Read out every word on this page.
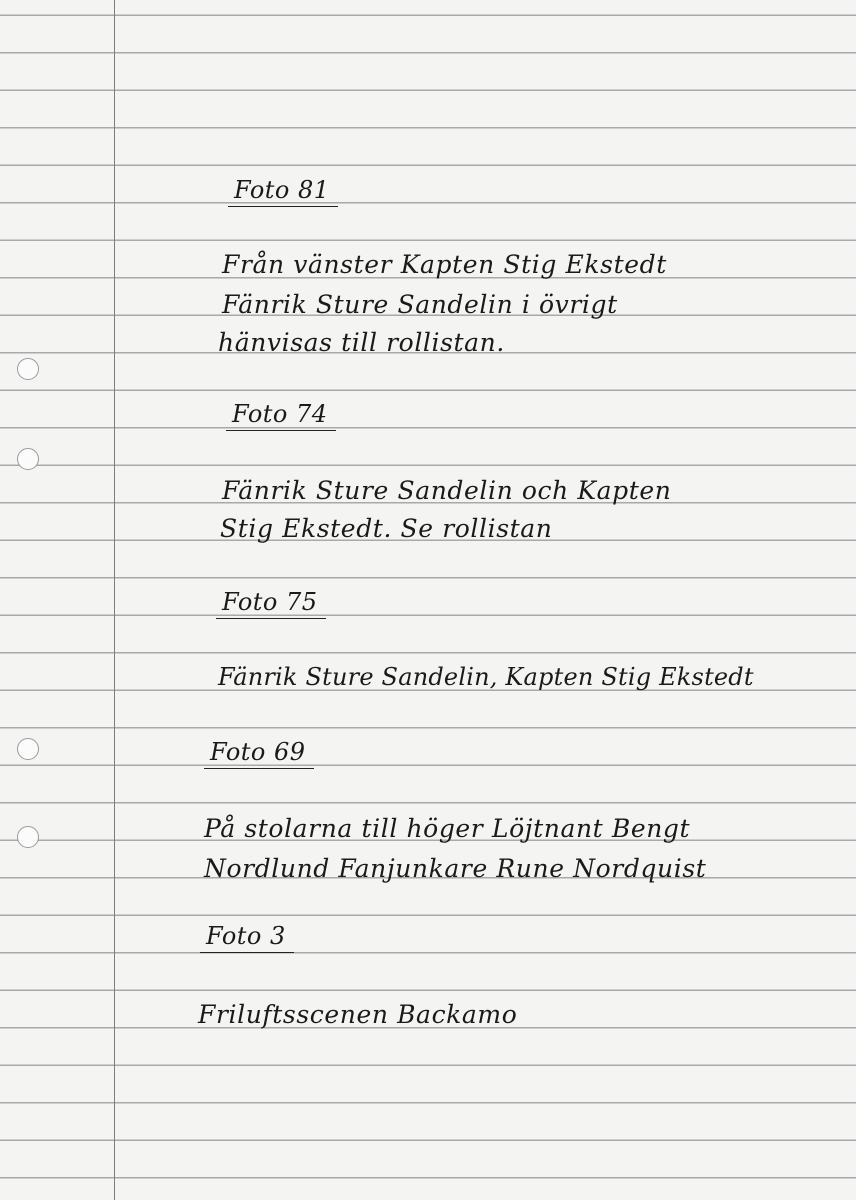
Foto 81

Från vänster Kapten Stig Ekstedt

Fänrik Sture Sandelin i övrigt

hänvisas till rollistan.

Foto 74

Fänrik Sture Sandelin och Kapten

Stig Ekstedt. Se rollistan

Foto 75

Fänrik Sture Sandelin, Kapten Stig Ekstedt

Foto 69

På stolarna till höger Löjtnant Bengt

Nordlund Fanjunkare Rune Nordquist

Foto 3

Friluftsscenen Backamo
